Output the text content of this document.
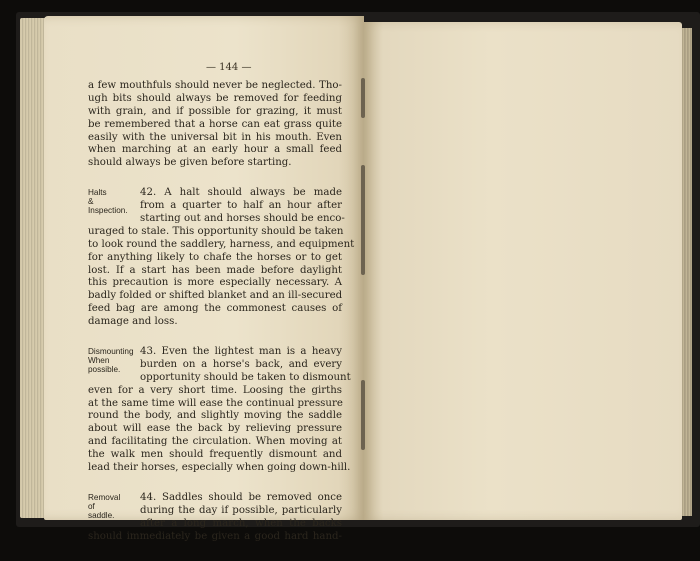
— 144 —
a few mouthfuls should never be neglected. Tho-
ugh bits should always be removed for feeding
with grain, and if possible for grazing, it must
be remembered that a horse can eat grass quite
easily with the universal bit in his mouth. Even
when marching at an early hour a small feed
should always be given before starting.
Halts
&
Inspection.
42. A halt should always be made
from a quarter to half an hour after
starting out and horses should be enco-
uraged to stale. This opportunity should be taken
to look round the saddlery, harness, and equipment
for anything likely to chafe the horses or to get
lost. If a start has been made before daylight
this precaution is more especially necessary. A
badly folded or shifted blanket and an ill-secured
feed bag are among the commonest causes of
damage and loss.
Dismounting
When
possible.
43. Even the lightest man is a heavy
burden on a horse's back, and every
opportunity should be taken to dismount
even for a very short time. Loosing the girths
at the same time will ease the continual pressure
round the body, and slightly moving the saddle
about will ease the back by relieving pressure
and facilitating the circulation. When moving at
the walk men should frequently dismount and
lead their horses, especially when going down-hill.
Removal
of
saddle.
44. Saddles should be removed once
during the day if possible, particularly
after a long march, when the backs
should immediately be given a good hard hand-
